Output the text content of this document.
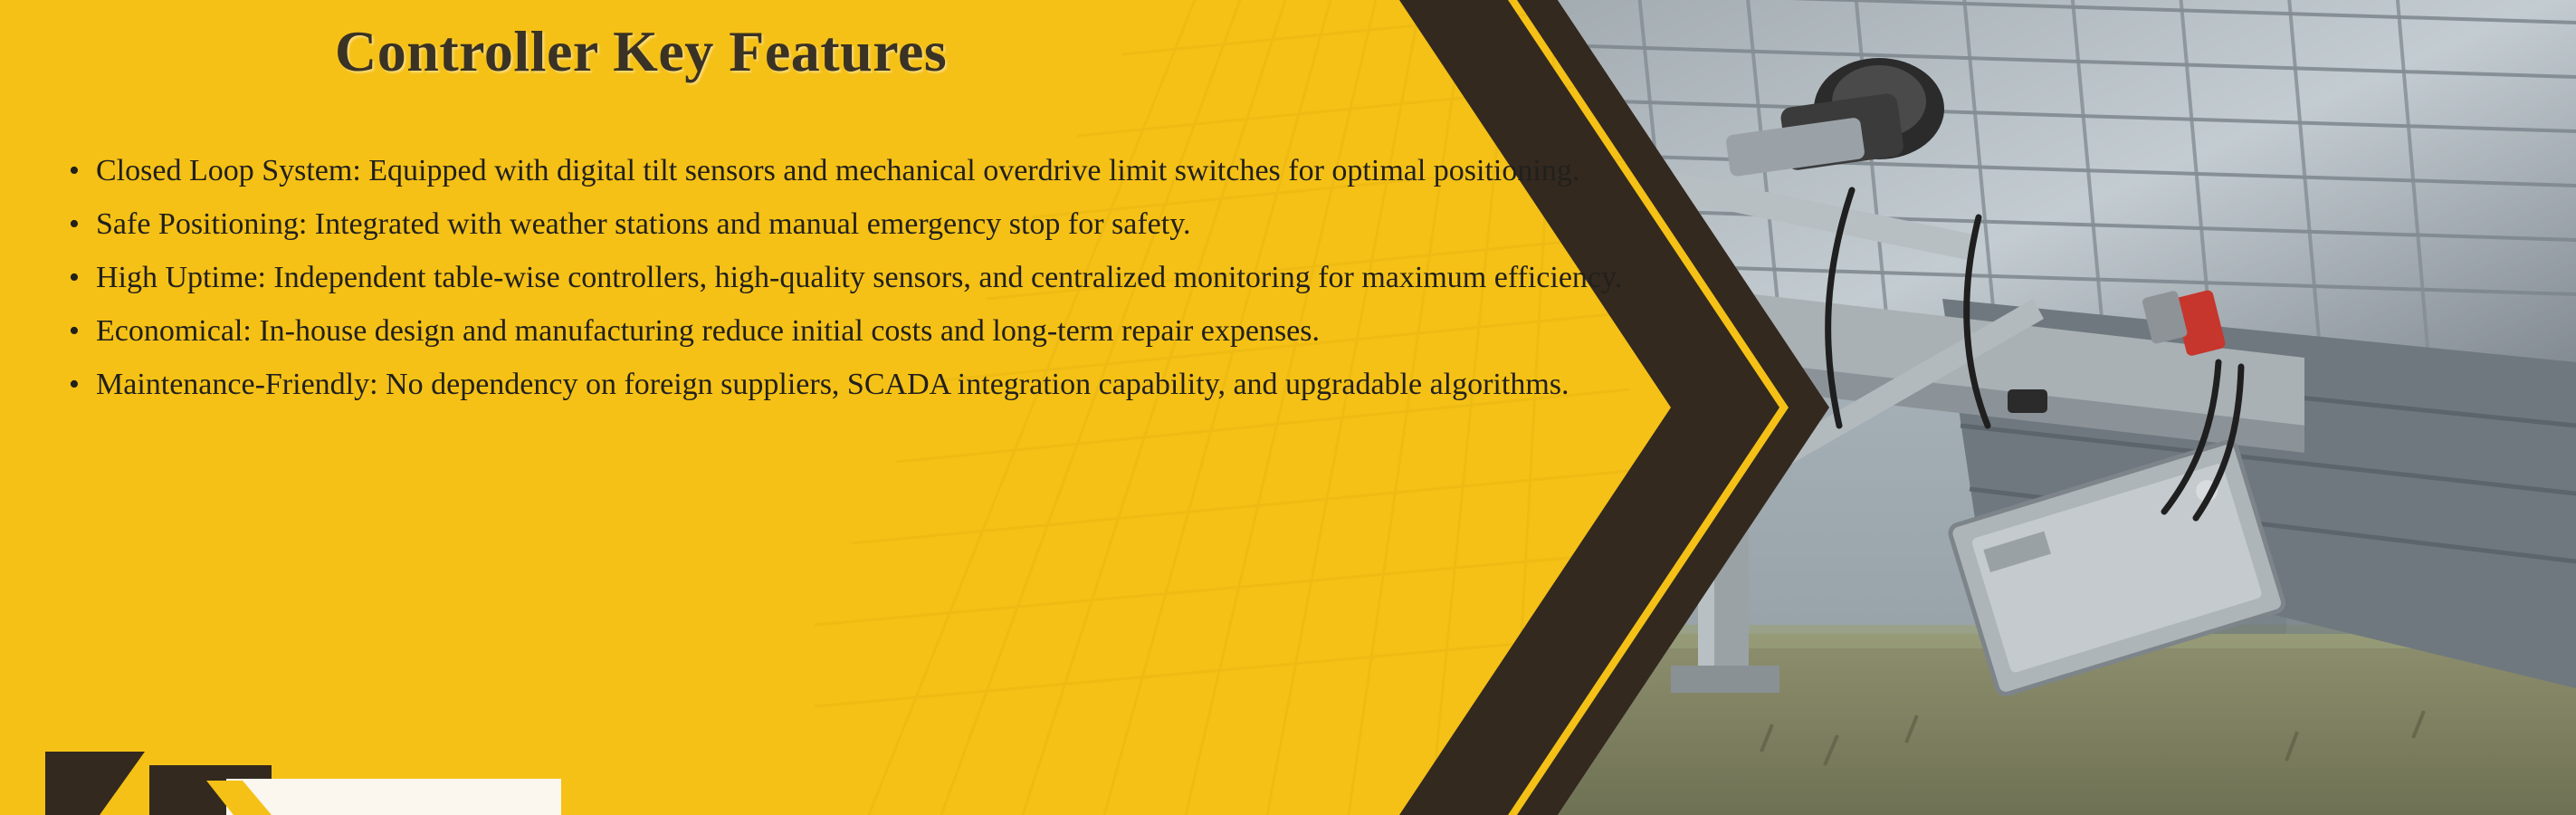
Controller Key Features
• Closed Loop System: Equipped with digital tilt sensors and mechanical overdrive limit switches for optimal positioning.
• Safe Positioning: Integrated with weather stations and manual emergency stop for safety.
• High Uptime: Independent table-wise controllers, high-quality sensors, and centralized monitoring for maximum efficiency.
• Economical: In-house design and manufacturing reduce initial costs and long-term repair expenses.
• Maintenance-Friendly: No dependency on foreign suppliers, SCADA integration capability, and upgradable algorithms.
